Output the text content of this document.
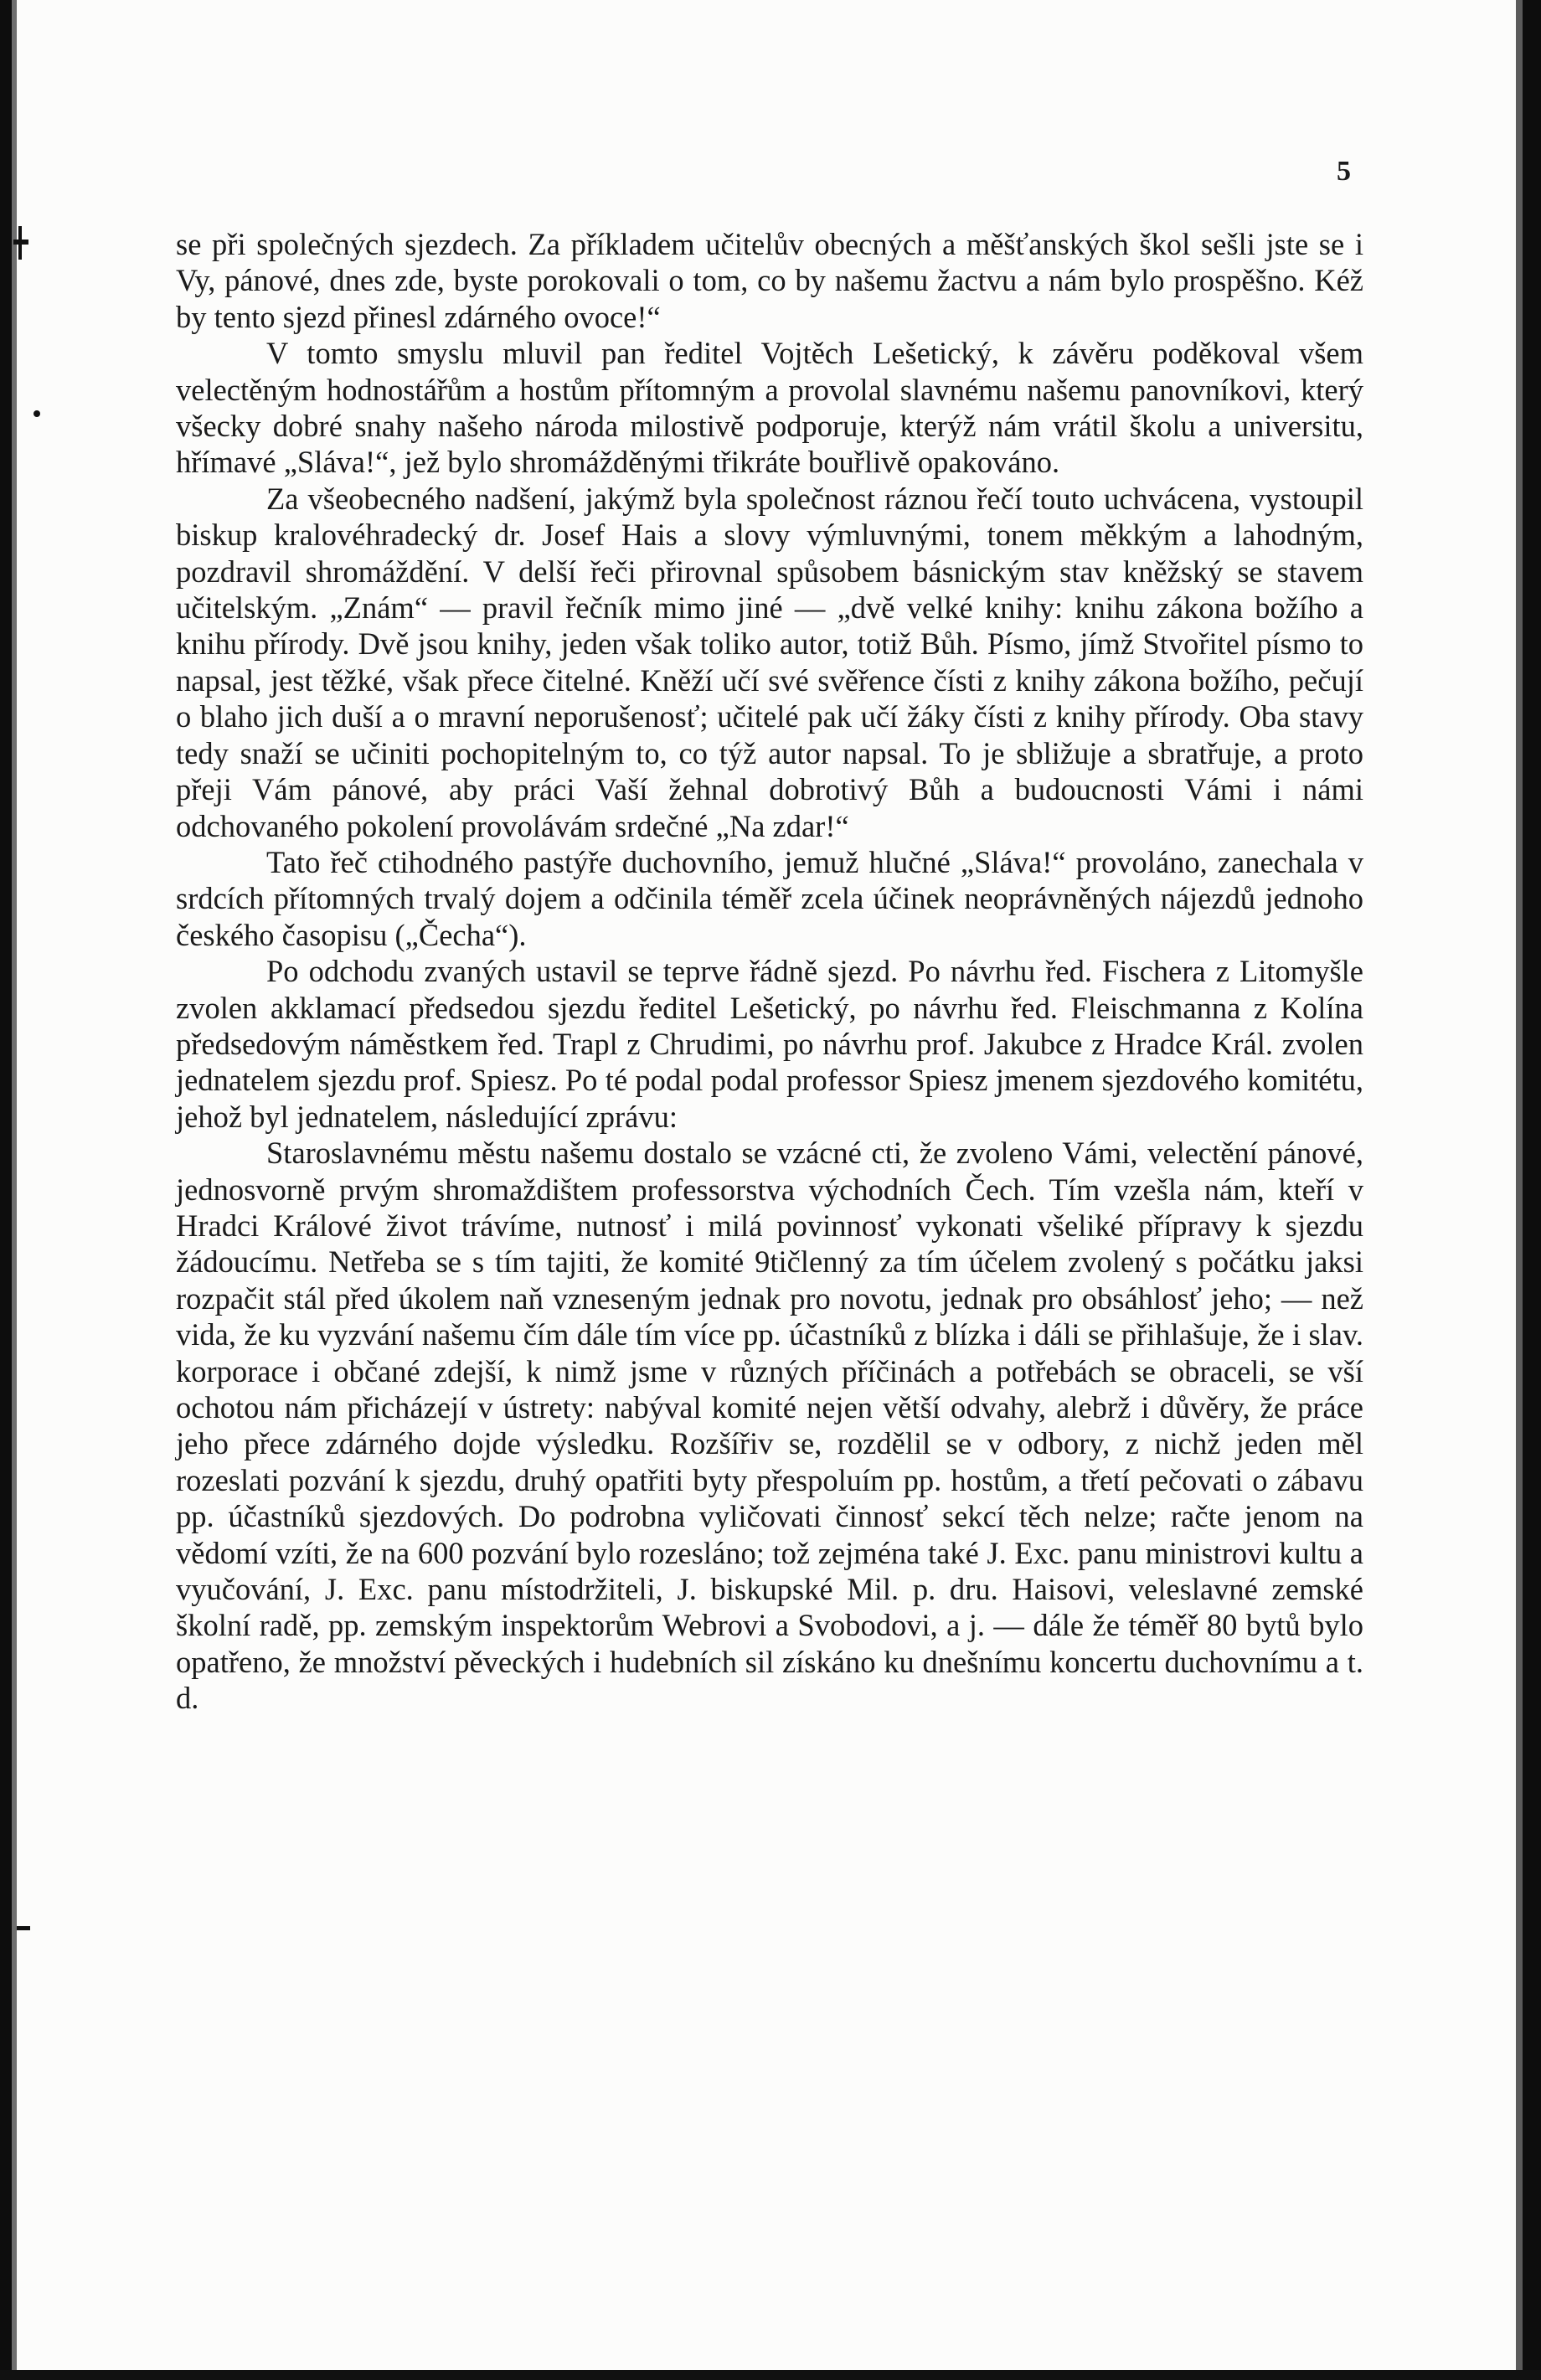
5

se při společných sjezdech. Za příkladem učitelův obecných a měšťanských škol sešli jste se i Vy, pánové, dnes zde, byste porokovali o tom, co by našemu žactvu a nám bylo prospěšno. Kéž by tento sjezd přinesl zdárného ovoce!“

V tomto smyslu mluvil pan ředitel Vojtěch Lešetický, k závěru poděkoval všem velectěným hodnostářům a hostům přítomným a provolal slavnému našemu panovníkovi, který všecky dobré snahy našeho národa milostivě podporuje, kterýž nám vrátil školu a universitu, hřímavé „Sláva!“, jež bylo shromážděnými třikráte bouřlivě opakováno.

Za všeobecného nadšení, jakýmž byla společnost ráznou řečí touto uchvácena, vystoupil biskup kralovéhradecký dr. Josef Hais a slovy výmluvnými, tonem měkkým a lahodným, pozdravil shromáždění. V delší řeči přirovnal spůsobem básnickým stav kněžský se stavem učitelským. „Znám“ — pravil řečník mimo jiné — „dvě velké knihy: knihu zákona božího a knihu přírody. Dvě jsou knihy, jeden však toliko autor, totiž Bůh. Písmo, jímž Stvořitel písmo to napsal, jest těžké, však přece čitelné. Kněží učí své svěřence čísti z knihy zákona božího, pečují o blaho jich duší a o mravní neporušenosť; učitelé pak učí žáky čísti z knihy přírody. Oba stavy tedy snaží se učiniti pochopitelným to, co týž autor napsal. To je sbližuje a sbratřuje, a proto přeji Vám pánové, aby práci Vaší žehnal dobrotivý Bůh a budoucnosti Vámi i námi odchovaného pokolení provolávám srdečné „Na zdar!“

Tato řeč ctihodného pastýře duchovního, jemuž hlučné „Sláva!“ provoláno, zanechala v srdcích přítomných trvalý dojem a odčinila téměř zcela účinek neoprávněných nájezdů jednoho českého časopisu („Čecha“).

Po odchodu zvaných ustavil se teprve řádně sjezd. Po návrhu řed. Fischera z Litomyšle zvolen akklamací předsedou sjezdu ředitel Lešetický, po návrhu řed. Fleischmanna z Kolína předsedovým náměstkem řed. Trapl z Chrudimi, po návrhu prof. Jakubce z Hradce Král. zvolen jednatelem sjezdu prof. Spiesz. Po té podal podal professor Spiesz jmenem sjezdového komitétu, jehož byl jednatelem, následující zprávu:

Staroslavnému městu našemu dostalo se vzácné cti, že zvoleno Vámi, velectění pánové, jednosvorně prvým shromaždištem professorstva východních Čech. Tím vzešla nám, kteří v Hradci Králové život trávíme, nutnosť i milá povinnosť vykonati všeliké přípravy k sjezdu žádoucímu. Netřeba se s tím tajiti, že komité 9tičlenný za tím účelem zvolený s počátku jaksi rozpačit stál před úkolem naň vzneseným jednak pro novotu, jednak pro obsáhlosť jeho; — než vida, že ku vyzvání našemu čím dále tím více pp. účastníků z blízka i dáli se přihlašuje, že i slav. korporace i občané zdejší, k nimž jsme v různých příčinách a potřebách se obraceli, se vší ochotou nám přicházejí v ústrety: nabýval komité nejen větší odvahy, alebrž i důvěry, že práce jeho přece zdárného dojde výsledku. Rozšířiv se, rozdělil se v odbory, z nichž jeden měl rozeslati pozvání k sjezdu, druhý opatřiti byty přespoluím pp. hostům, a třetí pečovati o zábavu pp. účastníků sjezdových. Do podrobna vyličovati činnosť sekcí těch nelze; račte jenom na vědomí vzíti, že na 600 pozvání bylo rozesláno; tož zejména také J. Exc. panu ministrovi kultu a vyučování, J. Exc. panu místodržiteli, J. biskupské Mil. p. dru. Haisovi, veleslavné zemské školní radě, pp. zemským inspektorům Webrovi a Svobodovi, a j. — dále že téměř 80 bytů bylo opatřeno, že množství pěveckých i hudebních sil získáno ku dnešnímu koncertu duchovnímu a t. d.
